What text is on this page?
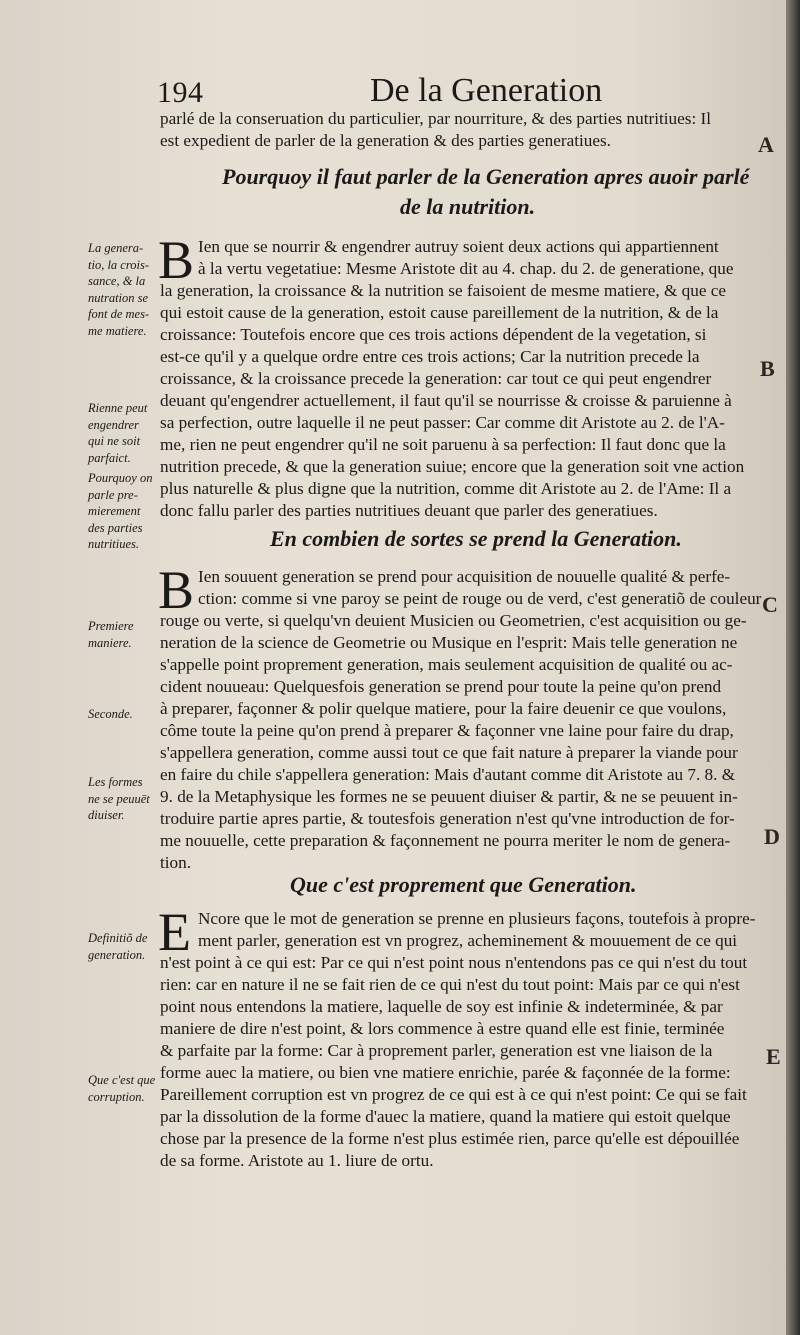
194	De la Generation
A
B
C
D
E
parlé de la conseruation du particulier, par nourriture, & des parties nutritiues: Il
est expedient de parler de la generation & des parties generatiues.
Pourquoy il faut parler de la Generation apres auoir parlé
de la nutrition.
La genera-
tio, la crois-
sance, & la
nutration se
font de mes-
me matiere.
Rienne peut
engendrer
qui ne soit
parfaict.
Pourquoy on
parle pre-
mierement
des parties
nutritiues.
B Ien que se nourrir & engendrer autruy soient deux actions qui appartiennent
à la vertu vegetatiue: Mesme Aristote dit au 4. chap. du 2. de generatione, que
la generation, la croissance & la nutrition se faisoient de mesme matiere, & que ce
qui estoit cause de la generation, estoit cause pareillement de la nutrition, & de la
croissance: Toutefois encore que ces trois actions dépendent de la vegetation, si
est-ce qu'il y a quelque ordre entre ces trois actions; Car la nutrition precede la
croissance, & la croissance precede la generation: car tout ce qui peut engendrer
deuant qu'engendrer actuellement, il faut qu'il se nourrisse & croisse & paruienne à
sa perfection, outre laquelle il ne peut passer: Car comme dit Aristote au 2. de l'A-
me, rien ne peut engendrer qu'il ne soit paruenu à sa perfection: Il faut donc que la
nutrition precede, & que la generation suiue; encore que la generation soit vne action
plus naturelle & plus digne que la nutrition, comme dit Aristote au 2. de l'Ame: Il a
donc fallu parler des parties nutritiues deuant que parler des generatiues.
En combien de sortes se prend la Generation.
Premiere
maniere.
Seconde.
Les formes
ne se peuuēt
diuiser.
B Ien souuent generation se prend pour acquisition de nouuelle qualité & perfe-
ction: comme si vne paroy se peint de rouge ou de verd, c'est generatiõ de couleur
rouge ou verte, si quelqu'vn deuient Musicien ou Geometrien, c'est acquisition ou ge-
neration de la science de Geometrie ou Musique en l'esprit: Mais telle generation ne
s'appelle point proprement generation, mais seulement acquisition de qualité ou ac-
cident nouueau: Quelquesfois generation se prend pour toute la peine qu'on prend
à preparer, façonner & polir quelque matiere, pour la faire deuenir ce que voulons,
côme toute la peine qu'on prend à preparer & façonner vne laine pour faire du drap,
s'appellera generation, comme aussi tout ce que fait nature à preparer la viande pour
en faire du chile s'appellera generation: Mais d'autant comme dit Aristote au 7. 8. &
9. de la Metaphysique les formes ne se peuuent diuiser & partir, & ne se peuuent in-
troduire partie apres partie, & toutesfois generation n'est qu'vne introduction de for-
me nouuelle, cette preparation & façonnement ne pourra meriter le nom de genera-
tion.
Que c'est proprement que Generation.
Definitiõ de
generation.
Que c'est que
corruption.
E Ncore que le mot de generation se prenne en plusieurs façons, toutefois à propre-
ment parler, generation est vn progrez, acheminement & mouuement de ce qui
n'est point à ce qui est: Par ce qui n'est point nous n'entendons pas ce qui n'est du tout
rien: car en nature il ne se fait rien de ce qui n'est du tout point: Mais par ce qui n'est
point nous entendons la matiere, laquelle de soy est infinie & indeterminée, & par
maniere de dire n'est point, & lors commence à estre quand elle est finie, terminée
& parfaite par la forme: Car à proprement parler, generation est vne liaison de la
forme auec la matiere, ou bien vne matiere enrichie, parée & façonnée de la forme:
Pareillement corruption est vn progrez de ce qui est à ce qui n'est point: Ce qui se fait
par la dissolution de la forme d'auec la matiere, quand la matiere qui estoit quelque
chose par la presence de la forme n'est plus estimée rien, parce qu'elle est dépouillée
de sa forme. Aristote au 1. liure de ortu.
